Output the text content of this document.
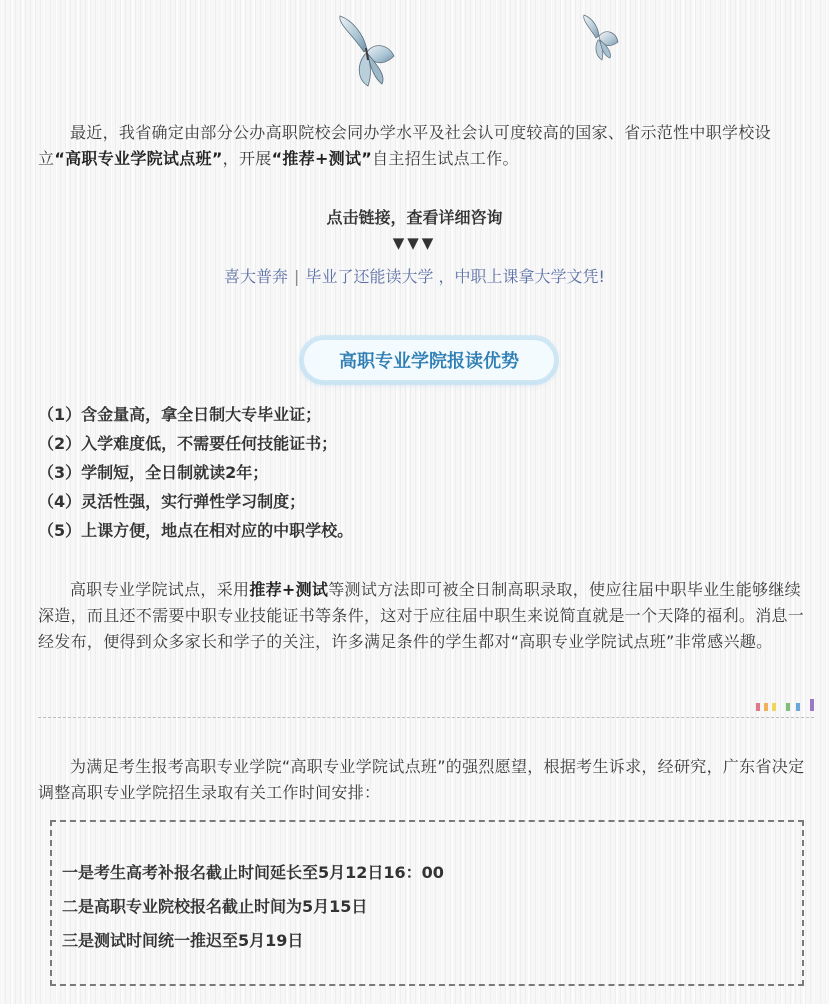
最近，我省确定由部分公办高职院校会同办学水平及社会认可度较高的国家、省示范性中职学校设立“高职专业学院试点班”，开展“推荐+测试”自主招生试点工作。

点击链接，查看详细咨询
▼▼▼
喜大普奔 | 毕业了还能读大学 ，中职上课拿大学文凭!
高职专业学院报读优势
（1）含金量高，拿全日制大专毕业证；
（2）入学难度低，不需要任何技能证书；
（3）学制短，全日制就读2年；
（4）灵活性强，实行弹性学习制度；
（5）上课方便，地点在相对应的中职学校。

高职专业学院试点，采用推荐+测试等测试方法即可被全日制高职录取，使应往届中职毕业生能够继续深造，而且还不需要中职专业技能证书等条件，这对于应往届中职生来说简直就是一个天降的福利。消息一经发布，便得到众多家长和学子的关注，许多满足条件的学生都对“高职专业学院试点班”非常感兴趣。

为满足考生报考高职专业学院“高职专业学院试点班”的强烈愿望，根据考生诉求，经研究，广东省决定调整高职专业学院招生录取有关工作时间安排：

一是考生高考补报名截止时间延长至5月12日16：00
二是高职专业院校报名截止时间为5月15日
三是测试时间统一推迟至5月19日
